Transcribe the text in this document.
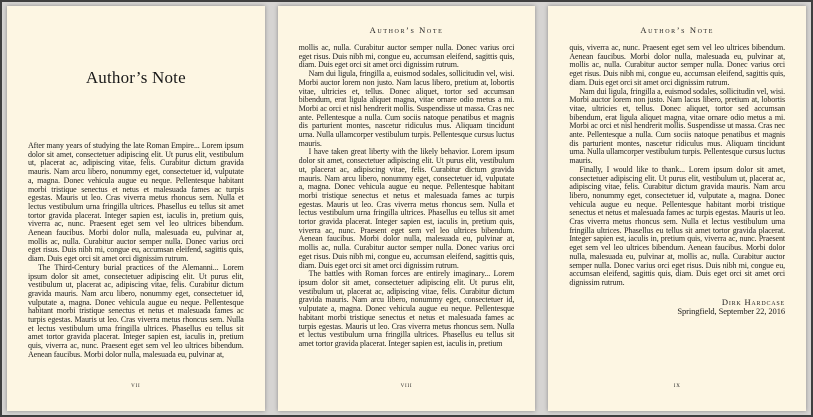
Author’s Note

After many years of studying the late Roman Empire... Lorem ipsum dolor sit amet, consectetuer adipiscing elit. Ut purus elit, vestibulum ut, placerat ac, adipiscing vitae, felis. Curabitur dictum gravida mauris. Nam arcu libero, nonummy eget, consectetuer id, vulputate a, magna. Donec vehicula augue eu neque. Pellentesque habitant morbi tristique senectus et netus et malesuada fames ac turpis egestas. Mauris ut leo. Cras viverra metus rhoncus sem. Nulla et lectus vestibulum urna fringilla ultrices. Phasellus eu tellus sit amet tortor gravida placerat. Integer sapien est, iaculis in, pretium quis, viverra ac, nunc. Praesent eget sem vel leo ultrices bibendum. Aenean faucibus. Morbi dolor nulla, malesuada eu, pulvinar at, mollis ac, nulla. Curabitur auctor semper nulla. Donec varius orci eget risus. Duis nibh mi, congue eu, accumsan eleifend, sagittis quis, diam. Duis eget orci sit amet orci dignissim rutrum.

The Third-Century burial practices of the Alemanni... Lorem ipsum dolor sit amet, consectetuer adipiscing elit. Ut purus elit, vestibulum ut, placerat ac, adipiscing vitae, felis. Curabitur dictum gravida mauris. Nam arcu libero, nonummy eget, consectetuer id, vulputate a, magna. Donec vehicula augue eu neque. Pellentesque habitant morbi tristique senectus et netus et malesuada fames ac turpis egestas. Mauris ut leo. Cras viverra metus rhoncus sem. Nulla et lectus vestibulum urna fringilla ultrices. Phasellus eu tellus sit amet tortor gravida placerat. Integer sapien est, iaculis in, pretium quis, viverra ac, nunc. Praesent eget sem vel leo ultrices bibendum. Aenean faucibus. Morbi dolor nulla, malesuada eu, pulvinar at,

vii
Author’s Note

mollis ac, nulla. Curabitur auctor semper nulla. Donec varius orci eget risus. Duis nibh mi, congue eu, accumsan eleifend, sagittis quis, diam. Duis eget orci sit amet orci dignissim rutrum.

Nam dui ligula, fringilla a, euismod sodales, sollicitudin vel, wisi. Morbi auctor lorem non justo. Nam lacus libero, pretium at, lobortis vitae, ultricies et, tellus. Donec aliquet, tortor sed accumsan bibendum, erat ligula aliquet magna, vitae ornare odio metus a mi. Morbi ac orci et nisl hendrerit mollis. Suspendisse ut massa. Cras nec ante. Pellentesque a nulla. Cum sociis natoque penatibus et magnis dis parturient montes, nascetur ridiculus mus. Aliquam tincidunt urna. Nulla ullamcorper vestibulum turpis. Pellentesque cursus luctus mauris.

I have taken great liberty with the likely behavior. Lorem ipsum dolor sit amet, consectetuer adipiscing elit. Ut purus elit, vestibulum ut, placerat ac, adipiscing vitae, felis. Curabitur dictum gravida mauris. Nam arcu libero, nonummy eget, consectetuer id, vulputate a, magna. Donec vehicula augue eu neque. Pellentesque habitant morbi tristique senectus et netus et malesuada fames ac turpis egestas. Mauris ut leo. Cras viverra metus rhoncus sem. Nulla et lectus vestibulum urna fringilla ultrices. Phasellus eu tellus sit amet tortor gravida placerat. Integer sapien est, iaculis in, pretium quis, viverra ac, nunc. Praesent eget sem vel leo ultrices bibendum. Aenean faucibus. Morbi dolor nulla, malesuada eu, pulvinar at, mollis ac, nulla. Curabitur auctor semper nulla. Donec varius orci eget risus. Duis nibh mi, congue eu, accumsan eleifend, sagittis quis, diam. Duis eget orci sit amet orci dignissim rutrum.

The battles with Roman forces are entirely imaginary... Lorem ipsum dolor sit amet, consectetuer adipiscing elit. Ut purus elit, vestibulum ut, placerat ac, adipiscing vitae, felis. Curabitur dictum gravida mauris. Nam arcu libero, nonummy eget, consectetuer id, vulputate a, magna. Donec vehicula augue eu neque. Pellentesque habitant morbi tristique senectus et netus et malesuada fames ac turpis egestas. Mauris ut leo. Cras viverra metus rhoncus sem. Nulla et lectus vestibulum urna fringilla ultrices. Phasellus eu tellus sit amet tortor gravida placerat. Integer sapien est, iaculis in, pretium

viii
Author’s Note

quis, viverra ac, nunc. Praesent eget sem vel leo ultrices bibendum. Aenean faucibus. Morbi dolor nulla, malesuada eu, pulvinar at, mollis ac, nulla. Curabitur auctor semper nulla. Donec varius orci eget risus. Duis nibh mi, congue eu, accumsan eleifend, sagittis quis, diam. Duis eget orci sit amet orci dignissim rutrum.

Nam dui ligula, fringilla a, euismod sodales, sollicitudin vel, wisi. Morbi auctor lorem non justo. Nam lacus libero, pretium at, lobortis vitae, ultricies et, tellus. Donec aliquet, tortor sed accumsan bibendum, erat ligula aliquet magna, vitae ornare odio metus a mi. Morbi ac orci et nisl hendrerit mollis. Suspendisse ut massa. Cras nec ante. Pellentesque a nulla. Cum sociis natoque penatibus et magnis dis parturient montes, nascetur ridiculus mus. Aliquam tincidunt urna. Nulla ullamcorper vestibulum turpis. Pellentesque cursus luctus mauris.

Finally, I would like to thank... Lorem ipsum dolor sit amet, consectetuer adipiscing elit. Ut purus elit, vestibulum ut, placerat ac, adipiscing vitae, felis. Curabitur dictum gravida mauris. Nam arcu libero, nonummy eget, consectetuer id, vulputate a, magna. Donec vehicula augue eu neque. Pellentesque habitant morbi tristique senectus et netus et malesuada fames ac turpis egestas. Mauris ut leo. Cras viverra metus rhoncus sem. Nulla et lectus vestibulum urna fringilla ultrices. Phasellus eu tellus sit amet tortor gravida placerat. Integer sapien est, iaculis in, pretium quis, viverra ac, nunc. Praesent eget sem vel leo ultrices bibendum. Aenean faucibus. Morbi dolor nulla, malesuada eu, pulvinar at, mollis ac, nulla. Curabitur auctor semper nulla. Donec varius orci eget risus. Duis nibh mi, congue eu, accumsan eleifend, sagittis quis, diam. Duis eget orci sit amet orci dignissim rutrum.

Dirk Hardcase
Springfield, September 22, 2016
ix
